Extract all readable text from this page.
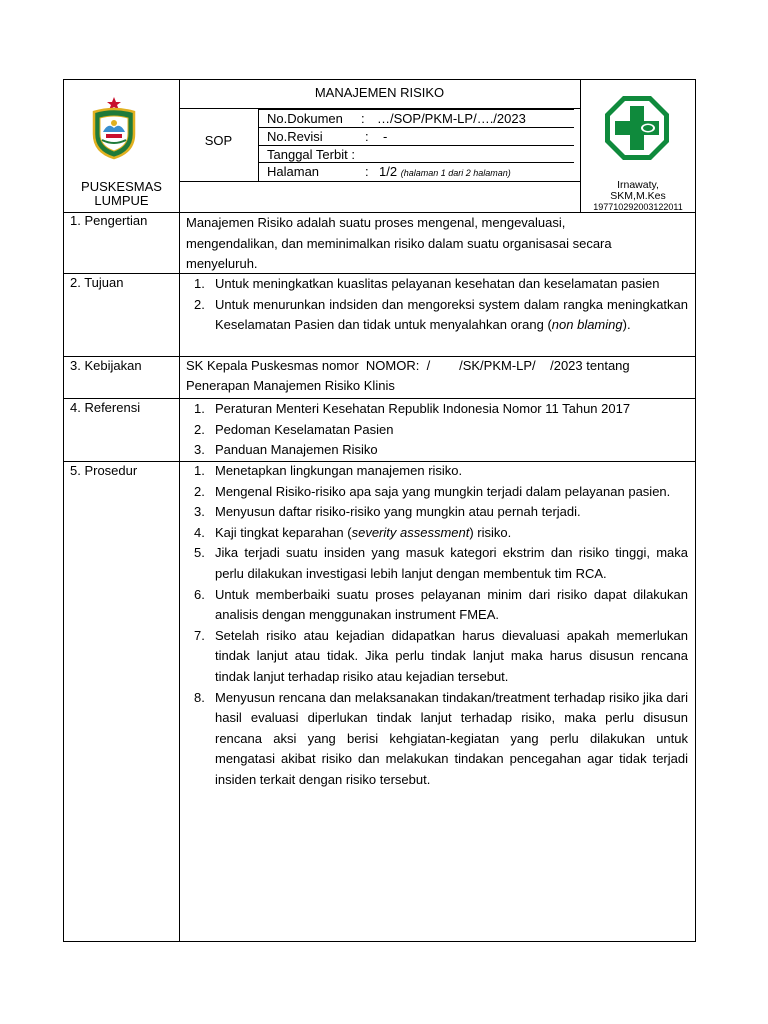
PUSKESMAS
LUMPUE
MANAJEMEN RISIKO
SOP
No.Dokumen : …/SOP/PKM-LP/…./2023
No.Revisi	: -
Tanggal Terbit :
Halaman	: 1/2 (halaman 1 dari 2 halaman)
Irnawaty,
SKM,M.Kes
197710292003122011
1. Pengertian	Manajemen Risiko adalah suatu proses mengenal, mengevaluasi, mengendalikan, dan meminimalkan risiko dalam suatu organisasai secara menyeluruh.
2. Tujuan	1. Untuk meningkatkan kuaslitas pelayanan kesehatan dan keselamatan pasien
2. Untuk menurunkan indsiden dan mengoreksi system dalam rangka meningkatkan Keselamatan Pasien dan tidak untuk menyalahkan orang (non blaming).
3. Kebijakan	SK Kepala Puskesmas nomor  NOMOR:  /        /SK/PKM-LP/    /2023 tentang
Penerapan Manajemen Risiko Klinis
4. Referensi	1. Peraturan Menteri Kesehatan Republik Indonesia Nomor 11 Tahun 2017
2. Pedoman Keselamatan Pasien
3. Panduan Manajemen Risiko
5. Prosedur	1. Menetapkan lingkungan manajemen risiko.
2. Mengenal Risiko-risiko apa saja yang mungkin terjadi dalam pelayanan pasien.
3. Menyusun daftar risiko-risiko yang mungkin atau pernah terjadi.
4. Kaji tingkat keparahan (severity assessment) risiko.
5. Jika terjadi suatu insiden yang masuk kategori ekstrim dan risiko tinggi, maka perlu dilakukan investigasi lebih lanjut dengan membentuk tim RCA.
6. Untuk memberbaiki suatu proses pelayanan minim dari risiko dapat dilakukan analisis dengan menggunakan instrument FMEA.
7. Setelah risiko atau kejadian didapatkan harus dievaluasi apakah memerlukan tindak lanjut atau tidak. Jika perlu tindak lanjut maka harus disusun rencana tindak lanjut terhadap risiko atau kejadian tersebut.
8. Menyusun rencana dan melaksanakan tindakan/treatment terhadap risiko jika dari hasil evaluasi diperlukan tindak lanjut terhadap risiko, maka perlu disusun rencana aksi yang berisi kehgiatan-kegiatan yang perlu dilakukan untuk mengatasi akibat risiko dan melakukan tindakan pencegahan agar tidak terjadi insiden terkait dengan risiko tersebut.
